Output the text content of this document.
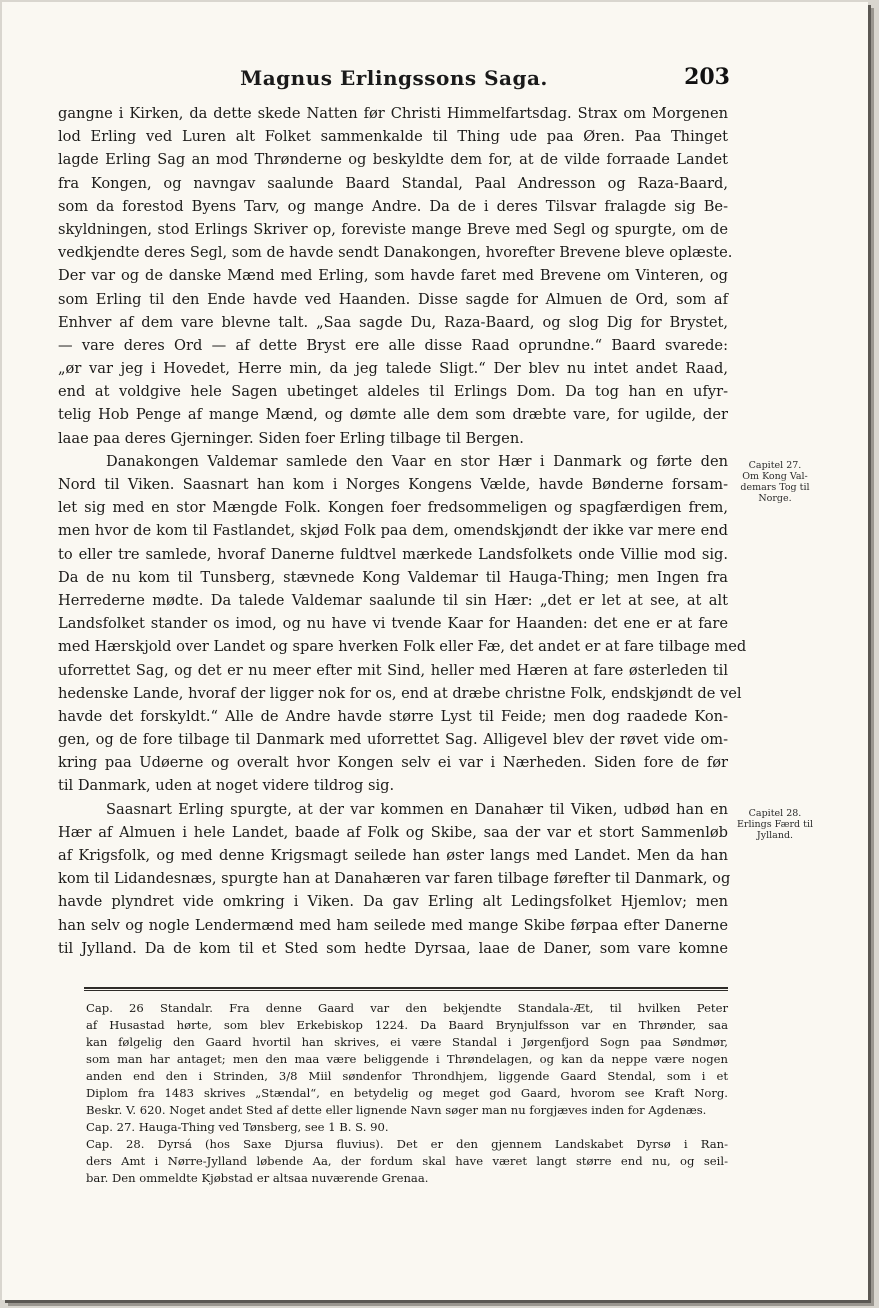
Magnus Erlingssons Saga.	203
gangne i Kirken, da dette skede Natten før Christi Himmelfartsdag. Strax om Morgenen
lod Erling ved Luren alt Folket sammenkalde til Thing ude paa Øren. Paa Thinget
lagde Erling Sag an mod Thrønderne og beskyldte dem for, at de vilde forraade Landet
fra Kongen, og navngav saalunde Baard Standal, Paal Andresson og Raza-Baard,
som da forestod Byens Tarv, og mange Andre. Da de i deres Tilsvar fralagde sig Be-
skyldningen, stod Erlings Skriver op, foreviste mange Breve med Segl og spurgte, om de
vedkjendte deres Segl, som de havde sendt Danakongen, hvorefter Brevene bleve oplæste.
Der var og de danske Mænd med Erling, som havde faret med Brevene om Vinteren, og
som Erling til den Ende havde ved Haanden. Disse sagde for Almuen de Ord, som af
Enhver af dem vare blevne talt. „Saa sagde Du, Raza-Baard, og slog Dig for Brystet,
— vare deres Ord — af dette Bryst ere alle disse Raad oprundne.“ Baard svarede:
„ør var jeg i Hovedet, Herre min, da jeg talede Sligt.“ Der blev nu intet andet Raad,
end at voldgive hele Sagen ubetinget aldeles til Erlings Dom. Da tog han en ufyr-
telig Hob Penge af mange Mænd, og dømte alle dem som dræbte vare, for ugilde, der
laae paa deres Gjerninger. Siden foer Erling tilbage til Bergen.
Danakongen Valdemar samlede den Vaar en stor Hær i Danmark og førte den
Nord til Viken. Saasnart han kom i Norges Kongens Vælde, havde Bønderne forsam-
let sig med en stor Mængde Folk. Kongen foer fredsommeligen og spagfærdigen frem,
men hvor de kom til Fastlandet, skjød Folk paa dem, omendskjøndt der ikke var mere end
to eller tre samlede, hvoraf Danerne fuldtvel mærkede Landsfolkets onde Villie mod sig.
Da de nu kom til Tunsberg, stævnede Kong Valdemar til Hauga-Thing; men Ingen fra
Herrederne mødte. Da talede Valdemar saalunde til sin Hær: „det er let at see, at alt
Landsfolket stander os imod, og nu have vi tvende Kaar for Haanden: det ene er at fare
med Hærskjold over Landet og spare hverken Folk eller Fæ, det andet er at fare tilbage med
uforrettet Sag, og det er nu meer efter mit Sind, heller med Hæren at fare østerleden til
hedenske Lande, hvoraf der ligger nok for os, end at dræbe christne Folk, endskjøndt de vel
havde det forskyldt.“ Alle de Andre havde større Lyst til Feide; men dog raadede Kon-
gen, og de fore tilbage til Danmark med uforrettet Sag. Alligevel blev der røvet vide om-
kring paa Udøerne og overalt hvor Kongen selv ei var i Nærheden. Siden fore de før
til Danmark, uden at noget videre tildrog sig.
Saasnart Erling spurgte, at der var kommen en Danahær til Viken, udbød han en
Hær af Almuen i hele Landet, baade af Folk og Skibe, saa der var et stort Sammenløb
af Krigsfolk, og med denne Krigsmagt seilede han øster langs med Landet. Men da han
kom til Lidandesnæs, spurgte han at Danahæren var faren tilbage førefter til Danmark, og
havde plyndret vide omkring i Viken. Da gav Erling alt Ledingsfolket Hjemlov; men
han selv og nogle Lendermænd med ham seilede med mange Skibe førpaa efter Danerne
til Jylland. Da de kom til et Sted som hedte Dyrsaa, laae de Daner, som vare komne
Capitel 27.
Om Kong Val-
demars Tog til
Norge.
Capitel 28.
Erlings Færd til
Jylland.
Cap. 26 Standalr. Fra denne Gaard var den bekjendte Standala-Æt, til hvilken Peter
af Husastad hørte, som blev Erkebiskop 1224. Da Baard Brynjulfsson var en Thrønder, saa
kan følgelig den Gaard hvortil han skrives, ei være Standal i Jørgenfjord Sogn paa Søndmør,
som man har antaget; men den maa være beliggende i Thrøndelagen, og kan da neppe være nogen
anden end den i Strinden, 3/8 Miil søndenfor Throndhjem, liggende Gaard Stendal, som i et
Diplom fra 1483 skrives „Stændal“, en betydelig og meget god Gaard, hvorom see Kraft Norg.
Beskr. V. 620. Noget andet Sted af dette eller lignende Navn søger man nu forgjæves inden for Agdenæs.
Cap. 27. Hauga-Thing ved Tønsberg, see 1 B. S. 90.
Cap. 28. Dyrsá (hos Saxe Djursa fluvius). Det er den gjennem Landskabet Dyrsø i Ran-
ders Amt i Nørre-Jylland løbende Aa, der fordum skal have været langt større end nu, og seil-
bar. Den ommeldte Kjøbstad er altsaa nuværende Grenaa.
